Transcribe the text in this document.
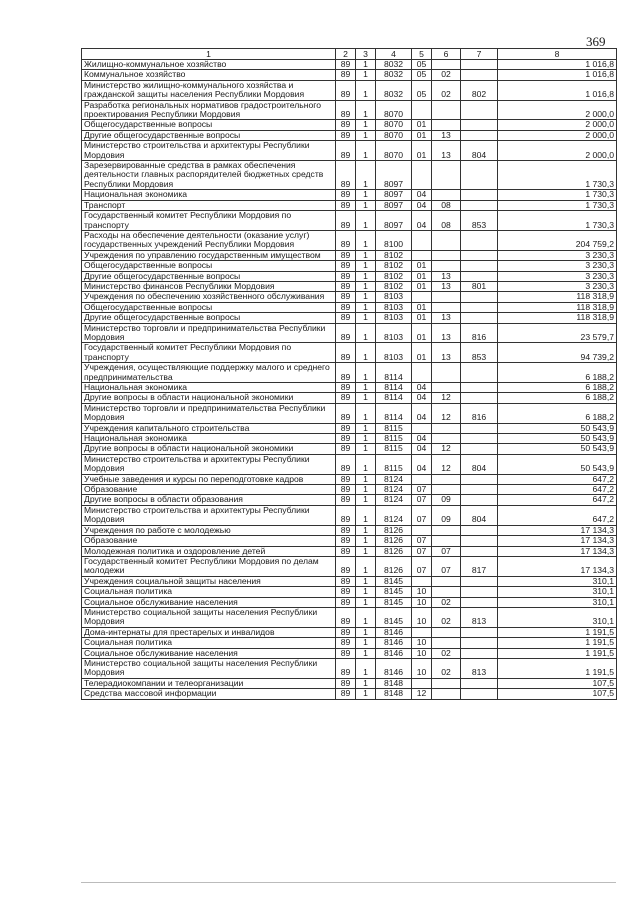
369
1	2	3	4	5	6	7	8
Жилищно-коммунальное хозяйство	89	1	8032	05			1 016,8
Коммунальное хозяйство	89	1	8032	05	02		1 016,8
Министерство жилищно-коммунального хозяйства и гражданской защиты населения Республики Мордовия	89	1	8032	05	02	802	1 016,8
Разработка региональных нормативов градостроительного проектирования Республики Мордовия	89	1	8070				2 000,0
Общегосударственные вопросы	89	1	8070	01			2 000,0
Другие общегосударственные вопросы	89	1	8070	01	13		2 000,0
Министерство строительства и архитектуры Республики Мордовия	89	1	8070	01	13	804	2 000,0
Зарезервированные средства в рамках обеспечения деятельности главных распорядителей бюджетных средств Республики Мордовия	89	1	8097				1 730,3
Национальная экономика	89	1	8097	04			1 730,3
Транспорт	89	1	8097	04	08		1 730,3
Государственный комитет Республики Мордовия по транспорту	89	1	8097	04	08	853	1 730,3
Расходы на обеспечение деятельности (оказание услуг) государственных учреждений Республики Мордовия	89	1	8100				204 759,2
Учреждения по управлению государственным имуществом	89	1	8102				3 230,3
Общегосударственные вопросы	89	1	8102	01			3 230,3
Другие общегосударственные вопросы	89	1	8102	01	13		3 230,3
Министерство финансов Республики Мордовия	89	1	8102	01	13	801	3 230,3
Учреждения по обеспечению хозяйственного обслуживания	89	1	8103				118 318,9
Общегосударственные вопросы	89	1	8103	01			118 318,9
Другие общегосударственные вопросы	89	1	8103	01	13		118 318,9
Министерство торговли и предпринимательства Республики Мордовия	89	1	8103	01	13	816	23 579,7
Государственный комитет Республики Мордовия по транспорту	89	1	8103	01	13	853	94 739,2
Учреждения, осуществляющие поддержку малого и среднего предпринимательства	89	1	8114				6 188,2
Национальная экономика	89	1	8114	04			6 188,2
Другие вопросы в области национальной экономики	89	1	8114	04	12		6 188,2
Министерство торговли и предпринимательства Республики Мордовия	89	1	8114	04	12	816	6 188,2
Учреждения капитального строительства	89	1	8115				50 543,9
Национальная экономика	89	1	8115	04			50 543,9
Другие вопросы в области национальной экономики	89	1	8115	04	12		50 543,9
Министерство строительства и архитектуры Республики Мордовия	89	1	8115	04	12	804	50 543,9
Учебные заведения и курсы по переподготовке кадров	89	1	8124				647,2
Образование	89	1	8124	07			647,2
Другие вопросы в области образования	89	1	8124	07	09		647,2
Министерство строительства и архитектуры Республики Мордовия	89	1	8124	07	09	804	647,2
Учреждения по работе с молодежью	89	1	8126				17 134,3
Образование	89	1	8126	07			17 134,3
Молодежная политика и оздоровление детей	89	1	8126	07	07		17 134,3
Государственный комитет Республики Мордовия по делам молодежи	89	1	8126	07	07	817	17 134,3
Учреждения социальной защиты населения	89	1	8145				310,1
Социальная политика	89	1	8145	10			310,1
Социальное обслуживание населения	89	1	8145	10	02		310,1
Министерство социальной защиты населения Республики Мордовия	89	1	8145	10	02	813	310,1
Дома-интернаты для престарелых и инвалидов	89	1	8146				1 191,5
Социальная политика	89	1	8146	10			1 191,5
Социальное обслуживание населения	89	1	8146	10	02		1 191,5
Министерство социальной защиты населения Республики Мордовия	89	1	8146	10	02	813	1 191,5
Телерадиокомпании и телеорганизации	89	1	8148				107,5
Средства массовой информации	89	1	8148	12			107,5
